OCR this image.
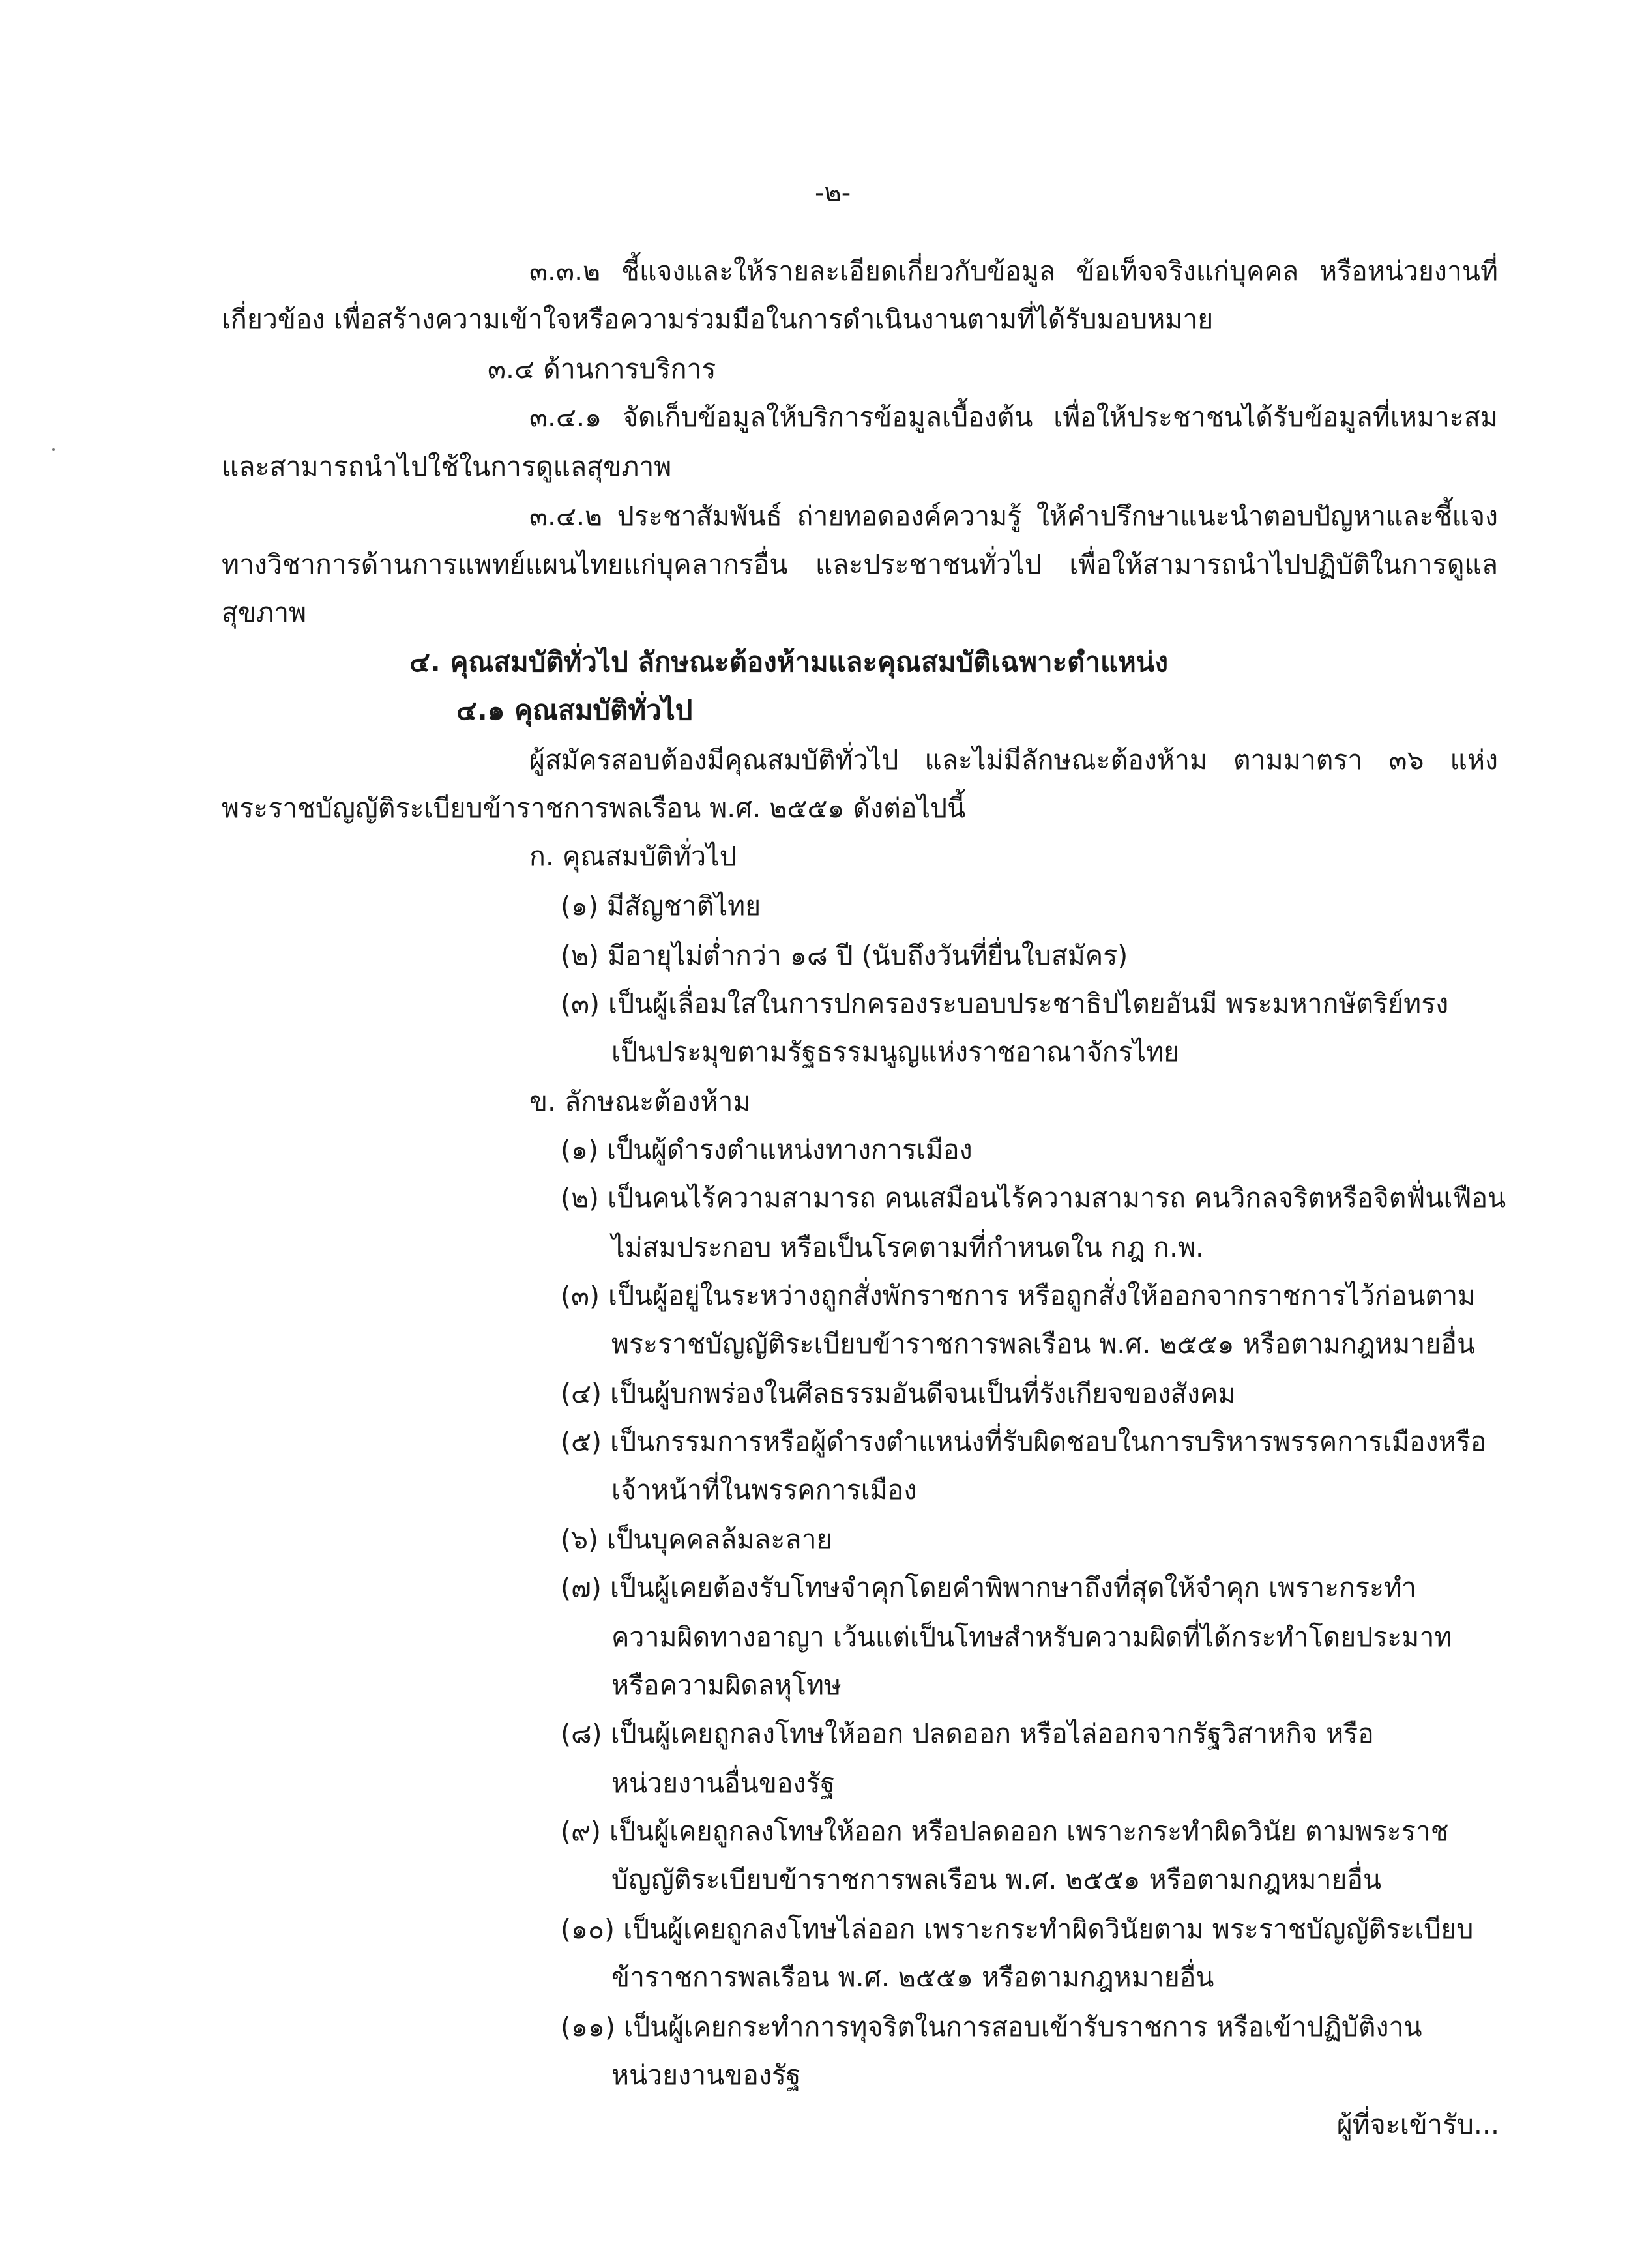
-๒-
๓.๓.๒ ชี้แจงและให้รายละเอียดเกี่ยวกับข้อมูล ข้อเท็จจริงแก่บุคคล หรือหน่วยงานที่
เกี่ยวข้อง เพื่อสร้างความเข้าใจหรือความร่วมมือในการดำเนินงานตามที่ได้รับมอบหมาย
๓.๔ ด้านการบริการ
๓.๔.๑ จัดเก็บข้อมูลให้บริการข้อมูลเบื้องต้น เพื่อให้ประชาชนได้รับข้อมูลที่เหมาะสม
และสามารถนำไปใช้ในการดูแลสุขภาพ
๓.๔.๒ ประชาสัมพันธ์ ถ่ายทอดองค์ความรู้ ให้คำปรึกษาแนะนำตอบปัญหาและชี้แจง
ทางวิชาการด้านการแพทย์แผนไทยแก่บุคลากรอื่น และประชาชนทั่วไป เพื่อให้สามารถนำไปปฏิบัติในการดูแล
สุขภาพ
๔. คุณสมบัติทั่วไป ลักษณะต้องห้ามและคุณสมบัติเฉพาะตำแหน่ง
๔.๑ คุณสมบัติทั่วไป
ผู้สมัครสอบต้องมีคุณสมบัติทั่วไป และไม่มีลักษณะต้องห้าม ตามมาตรา ๓๖ แห่ง
พระราชบัญญัติระเบียบข้าราชการพลเรือน พ.ศ. ๒๕๕๑ ดังต่อไปนี้
ก. คุณสมบัติทั่วไป
(๑) มีสัญชาติไทย
(๒) มีอายุไม่ต่ำกว่า ๑๘ ปี (นับถึงวันที่ยื่นใบสมัคร)
(๓) เป็นผู้เลื่อมใสในการปกครองระบอบประชาธิปไตยอันมี พระมหากษัตริย์ทรง
เป็นประมุขตามรัฐธรรมนูญแห่งราชอาณาจักรไทย
ข. ลักษณะต้องห้าม
(๑) เป็นผู้ดำรงตำแหน่งทางการเมือง
(๒) เป็นคนไร้ความสามารถ คนเสมือนไร้ความสามารถ คนวิกลจริตหรือจิตฟั่นเฟือน
ไม่สมประกอบ หรือเป็นโรคตามที่กำหนดใน กฎ ก.พ.
(๓) เป็นผู้อยู่ในระหว่างถูกสั่งพักราชการ หรือถูกสั่งให้ออกจากราชการไว้ก่อนตาม
พระราชบัญญัติระเบียบข้าราชการพลเรือน พ.ศ. ๒๕๕๑ หรือตามกฎหมายอื่น
(๔) เป็นผู้บกพร่องในศีลธรรมอันดีจนเป็นที่รังเกียจของสังคม
(๕) เป็นกรรมการหรือผู้ดำรงตำแหน่งที่รับผิดชอบในการบริหารพรรคการเมืองหรือ
เจ้าหน้าที่ในพรรคการเมือง
(๖) เป็นบุคคลล้มละลาย
(๗) เป็นผู้เคยต้องรับโทษจำคุกโดยคำพิพากษาถึงที่สุดให้จำคุก เพราะกระทำ
ความผิดทางอาญา เว้นแต่เป็นโทษสำหรับความผิดที่ได้กระทำโดยประมาท
หรือความผิดลหุโทษ
(๘) เป็นผู้เคยถูกลงโทษให้ออก ปลดออก หรือไล่ออกจากรัฐวิสาหกิจ หรือ
หน่วยงานอื่นของรัฐ
(๙) เป็นผู้เคยถูกลงโทษให้ออก หรือปลดออก เพราะกระทำผิดวินัย ตามพระราช
บัญญัติระเบียบข้าราชการพลเรือน พ.ศ. ๒๕๕๑ หรือตามกฎหมายอื่น
(๑๐) เป็นผู้เคยถูกลงโทษไล่ออก เพราะกระทำผิดวินัยตาม พระราชบัญญัติระเบียบ
ข้าราชการพลเรือน พ.ศ. ๒๕๕๑ หรือตามกฎหมายอื่น
(๑๑) เป็นผู้เคยกระทำการทุจริตในการสอบเข้ารับราชการ หรือเข้าปฏิบัติงาน
หน่วยงานของรัฐ
ผู้ที่จะเข้ารับ...
